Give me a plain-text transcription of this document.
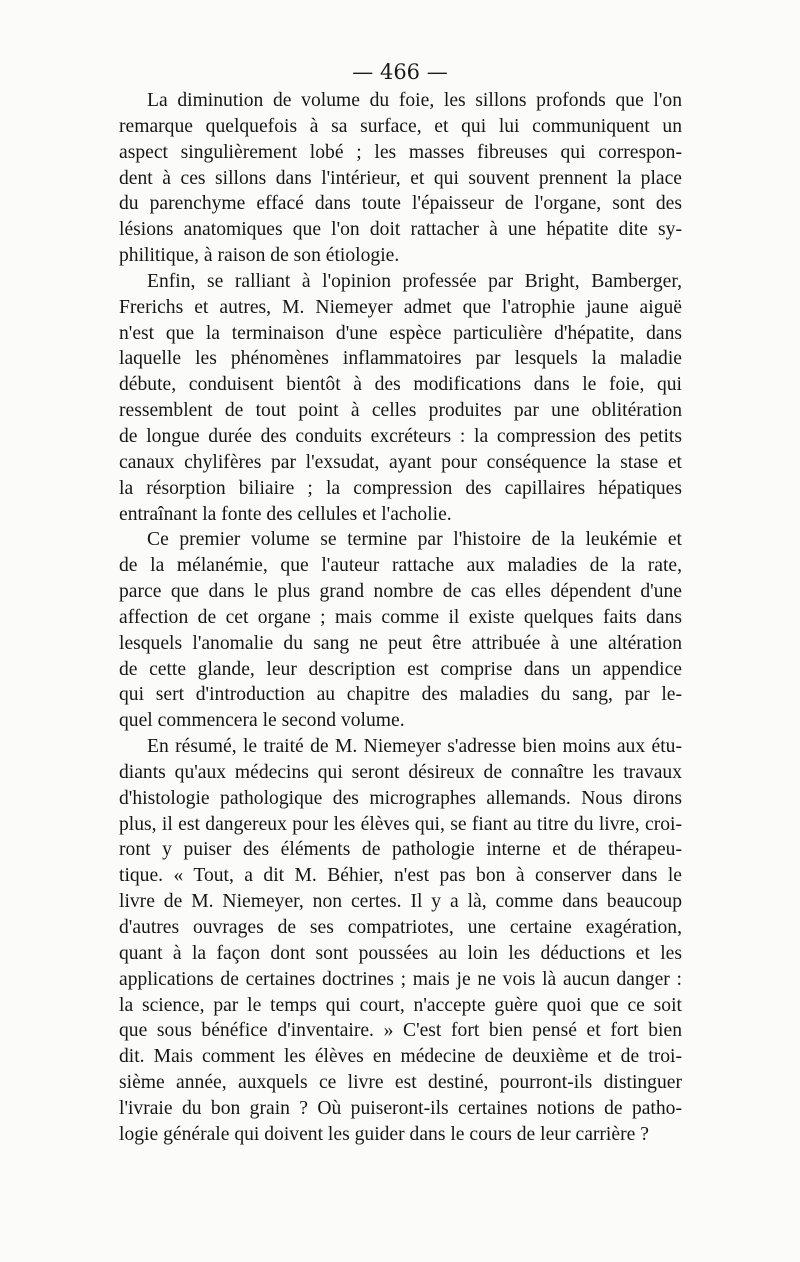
— 466 —
La diminution de volume du foie, les sillons profonds que l'on
remarque quelquefois à sa surface, et qui lui communiquent un
aspect singulièrement lobé ; les masses fibreuses qui correspon-
dent à ces sillons dans l'intérieur, et qui souvent prennent la place
du parenchyme effacé dans toute l'épaisseur de l'organe, sont des
lésions anatomiques que l'on doit rattacher à une hépatite dite sy-
philitique, à raison de son étiologie.
Enfin, se ralliant à l'opinion professée par Bright, Bamberger,
Frerichs et autres, M. Niemeyer admet que l'atrophie jaune aiguë
n'est que la terminaison d'une espèce particulière d'hépatite, dans
laquelle les phénomènes inflammatoires par lesquels la maladie
débute, conduisent bientôt à des modifications dans le foie, qui
ressemblent de tout point à celles produites par une oblitération
de longue durée des conduits excréteurs : la compression des petits
canaux chylifères par l'exsudat, ayant pour conséquence la stase et
la résorption biliaire ; la compression des capillaires hépatiques
entraînant la fonte des cellules et l'acholie.
Ce premier volume se termine par l'histoire de la leukémie et
de la mélanémie, que l'auteur rattache aux maladies de la rate,
parce que dans le plus grand nombre de cas elles dépendent d'une
affection de cet organe ; mais comme il existe quelques faits dans
lesquels l'anomalie du sang ne peut être attribuée à une altération
de cette glande, leur description est comprise dans un appendice
qui sert d'introduction au chapitre des maladies du sang, par le-
quel commencera le second volume.
En résumé, le traité de M. Niemeyer s'adresse bien moins aux étu-
diants qu'aux médecins qui seront désireux de connaître les travaux
d'histologie pathologique des micrographes allemands. Nous dirons
plus, il est dangereux pour les élèves qui, se fiant au titre du livre, croi-
ront y puiser des éléments de pathologie interne et de thérapeu-
tique. « Tout, a dit M. Béhier, n'est pas bon à conserver dans le
livre de M. Niemeyer, non certes. Il y a là, comme dans beaucoup
d'autres ouvrages de ses compatriotes, une certaine exagération,
quant à la façon dont sont poussées au loin les déductions et les
applications de certaines doctrines ; mais je ne vois là aucun danger :
la science, par le temps qui court, n'accepte guère quoi que ce soit
que sous bénéfice d'inventaire. » C'est fort bien pensé et fort bien
dit. Mais comment les élèves en médecine de deuxième et de troi-
sième année, auxquels ce livre est destiné, pourront-ils distinguer
l'ivraie du bon grain ? Où puiseront-ils certaines notions de patho-
logie générale qui doivent les guider dans le cours de leur carrière ?
